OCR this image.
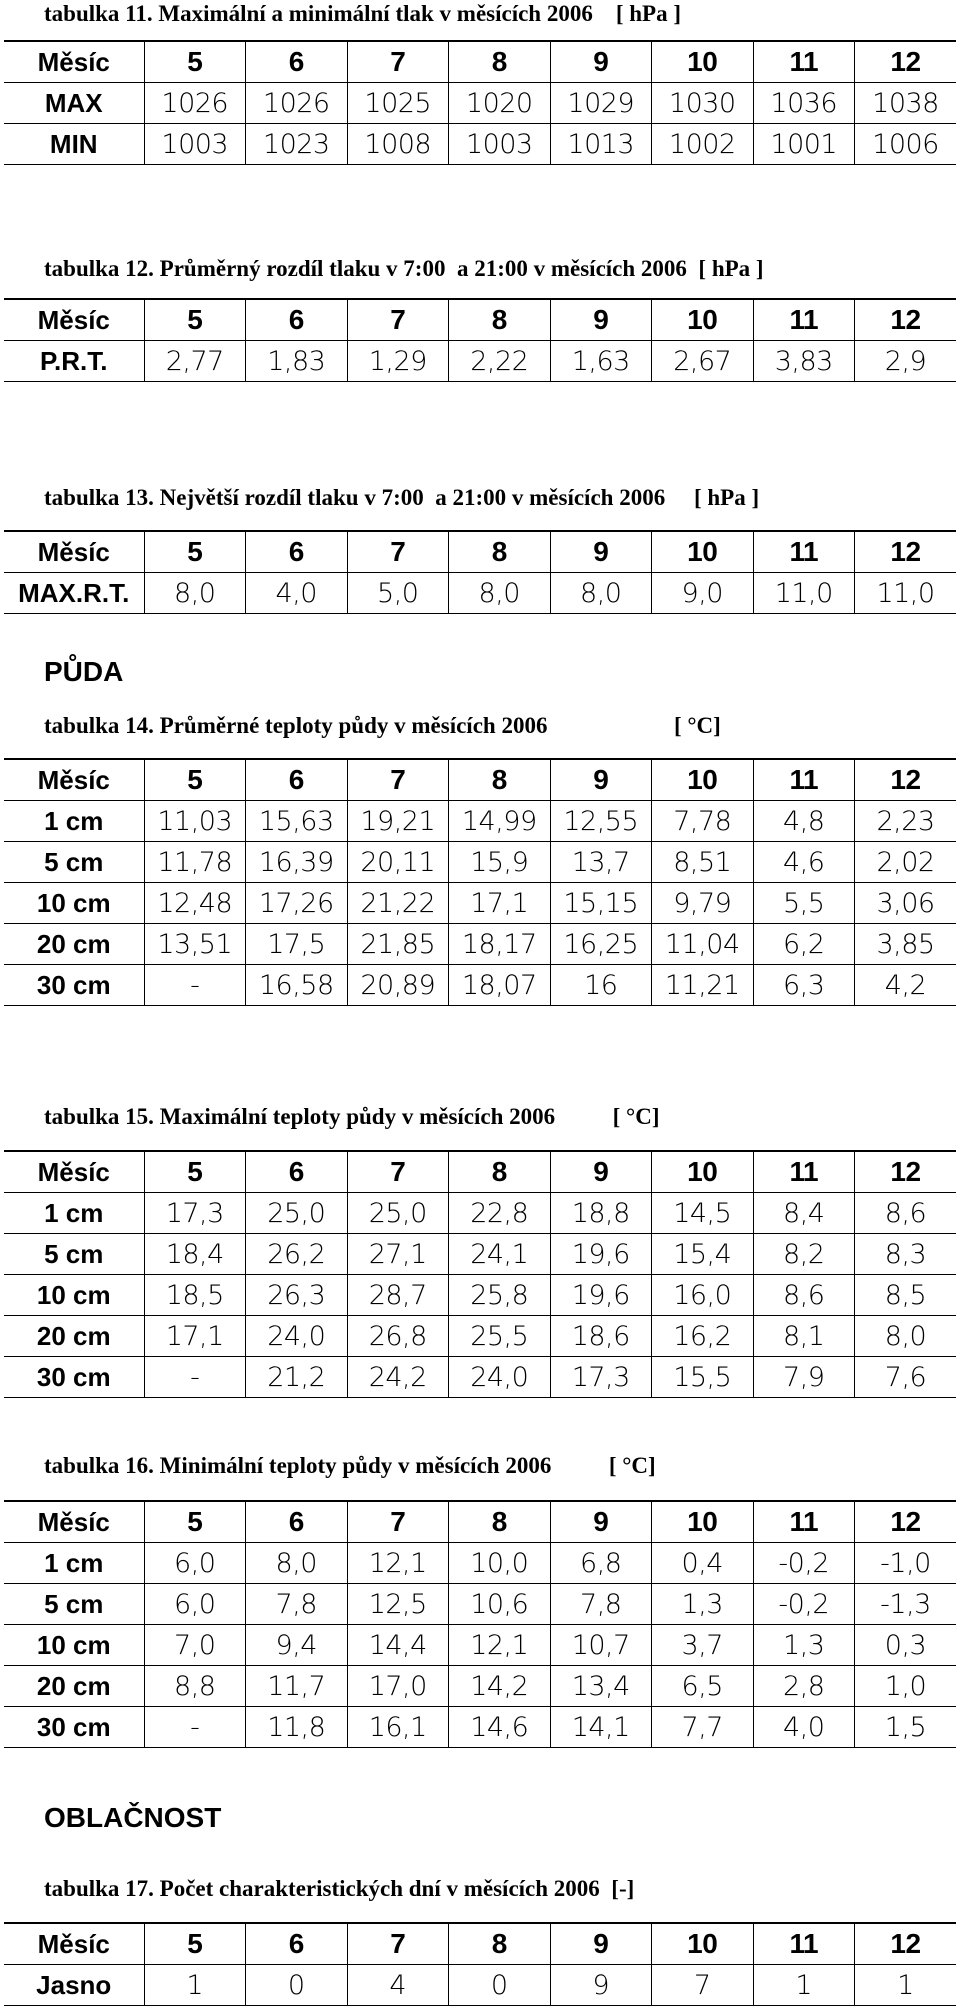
tabulka 11. Maximální a minimální tlak v měsících 2006    [ hPa ]
Měsíc	5	6	7	8	9	10	11	12
MAX	1026	1026	1025	1020	1029	1030	1036	1038
MIN	1003	1023	1008	1003	1013	1002	1001	1006
tabulka 12. Průměrný rozdíl tlaku v 7:00  a 21:00 v měsících 2006  [ hPa ]
Měsíc	5	6	7	8	9	10	11	12
P.R.T.	2,77	1,83	1,29	2,22	1,63	2,67	3,83	2,9
tabulka 13. Největší rozdíl tlaku v 7:00  a 21:00 v měsících 2006     [ hPa ]
Měsíc	5	6	7	8	9	10	11	12
MAX.R.T.	8,0	4,0	5,0	8,0	8,0	9,0	11,0	11,0
PŮDA
tabulka 14. Průměrné teploty půdy v měsících 2006                      [ °C]
Měsíc	5	6	7	8	9	10	11	12
1 cm	11,03	15,63	19,21	14,99	12,55	7,78	4,8	2,23
5 cm	11,78	16,39	20,11	15,9	13,7	8,51	4,6	2,02
10 cm	12,48	17,26	21,22	17,1	15,15	9,79	5,5	3,06
20 cm	13,51	17,5	21,85	18,17	16,25	11,04	6,2	3,85
30 cm	-	16,58	20,89	18,07	16	11,21	6,3	4,2
tabulka 15. Maximální teploty půdy v měsících 2006          [ °C]
Měsíc	5	6	7	8	9	10	11	12
1 cm	17,3	25,0	25,0	22,8	18,8	14,5	8,4	8,6
5 cm	18,4	26,2	27,1	24,1	19,6	15,4	8,2	8,3
10 cm	18,5	26,3	28,7	25,8	19,6	16,0	8,6	8,5
20 cm	17,1	24,0	26,8	25,5	18,6	16,2	8,1	8,0
30 cm	-	21,2	24,2	24,0	17,3	15,5	7,9	7,6
tabulka 16. Minimální teploty půdy v měsících 2006          [ °C]
Měsíc	5	6	7	8	9	10	11	12
1 cm	6,0	8,0	12,1	10,0	6,8	0,4	-0,2	-1,0
5 cm	6,0	7,8	12,5	10,6	7,8	1,3	-0,2	-1,3
10 cm	7,0	9,4	14,4	12,1	10,7	3,7	1,3	0,3
20 cm	8,8	11,7	17,0	14,2	13,4	6,5	2,8	1,0
30 cm	-	11,8	16,1	14,6	14,1	7,7	4,0	1,5
OBLAČNOST
tabulka 17. Počet charakteristických dní v měsících 2006  [-]
Měsíc	5	6	7	8	9	10	11	12
Jasno	1	0	4	0	9	7	1	1
